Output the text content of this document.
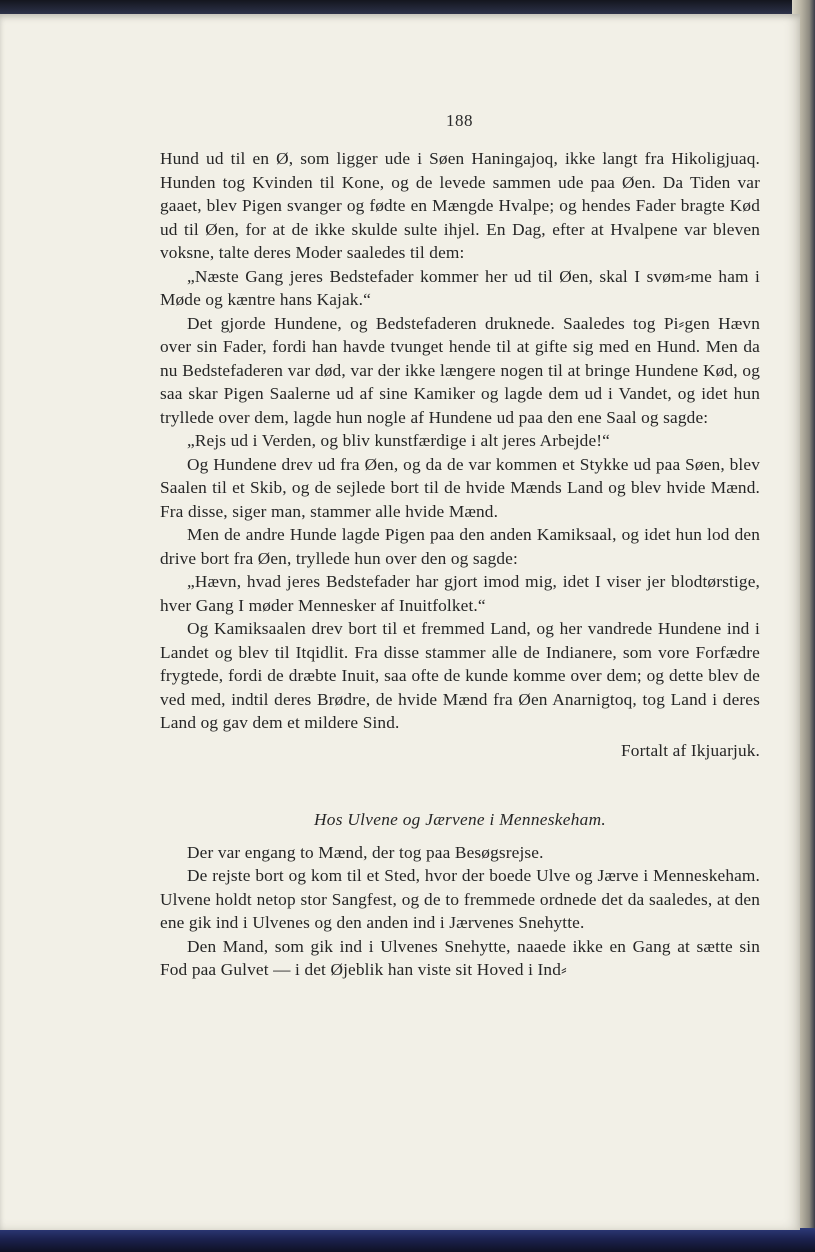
188

Hund ud til en Ø, som ligger ude i Søen Haningajoq, ikke langt fra Hikoligjuaq. Hunden tog Kvinden til Kone, og de levede sammen ude paa Øen. Da Tiden var gaaet, blev Pigen svanger og fødte en Mængde Hvalpe; og hendes Fader bragte Kød ud til Øen, for at de ikke skulde sulte ihjel. En Dag, efter at Hvalpene var bleven voksne, talte deres Moder saaledes til dem:

„Næste Gang jeres Bedstefader kommer her ud til Øen, skal I svøm⸗me ham i Møde og kæntre hans Kajak.“

Det gjorde Hundene, og Bedstefaderen druknede. Saaledes tog Pi⸗gen Hævn over sin Fader, fordi han havde tvunget hende til at gifte sig med en Hund. Men da nu Bedstefaderen var død, var der ikke længere nogen til at bringe Hundene Kød, og saa skar Pigen Saalerne ud af sine Kamiker og lagde dem ud i Vandet, og idet hun tryllede over dem, lagde hun nogle af Hundene ud paa den ene Saal og sagde:

„Rejs ud i Verden, og bliv kunstfærdige i alt jeres Arbejde!“

Og Hundene drev ud fra Øen, og da de var kommen et Stykke ud paa Søen, blev Saalen til et Skib, og de sejlede bort til de hvide Mænds Land og blev hvide Mænd. Fra disse, siger man, stammer alle hvide Mænd.

Men de andre Hunde lagde Pigen paa den anden Kamiksaal, og idet hun lod den drive bort fra Øen, tryllede hun over den og sagde:

„Hævn, hvad jeres Bedstefader har gjort imod mig, idet I viser jer blodtørstige, hver Gang I møder Mennesker af Inuitfolket.“

Og Kamiksaalen drev bort til et fremmed Land, og her vandrede Hundene ind i Landet og blev til Itqidlit. Fra disse stammer alle de Indianere, som vore Forfædre frygtede, fordi de dræbte Inuit, saa ofte de kunde komme over dem; og dette blev de ved med, indtil deres Brødre, de hvide Mænd fra Øen Anarnigtoq, tog Land i deres Land og gav dem et mildere Sind.

Fortalt af Ikjuarjuk.

Hos Ulvene og Jærvene i Menneskeham.

Der var engang to Mænd, der tog paa Besøgsrejse.

De rejste bort og kom til et Sted, hvor der boede Ulve og Jærve i Menneskeham. Ulvene holdt netop stor Sangfest, og de to fremmede ordnede det da saaledes, at den ene gik ind i Ulvenes og den anden ind i Jærvenes Snehytte.

Den Mand, som gik ind i Ulvenes Snehytte, naaede ikke en Gang at sætte sin Fod paa Gulvet — i det Øjeblik han viste sit Hoved i Ind⸗
